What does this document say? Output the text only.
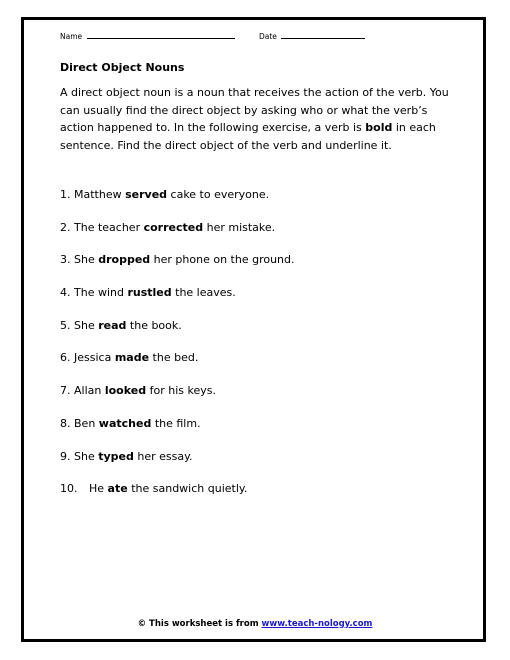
Name	Date
Direct Object Nouns

A direct object noun is a noun that receives the action of the verb. You can usually find the direct object by asking who or what the verb’s action happened to. In the following exercise, a verb is bold in each sentence. Find the direct object of the verb and underline it.

1. Matthew served cake to everyone.
2. The teacher corrected her mistake.
3. She dropped her phone on the ground.
4. The wind rustled the leaves.
5. She read the book.
6. Jessica made the bed.
7. Allan looked for his keys.
8. Ben watched the film.
9. She typed her essay.
10. He ate the sandwich quietly.
© This worksheet is from www.teach-nology.com
